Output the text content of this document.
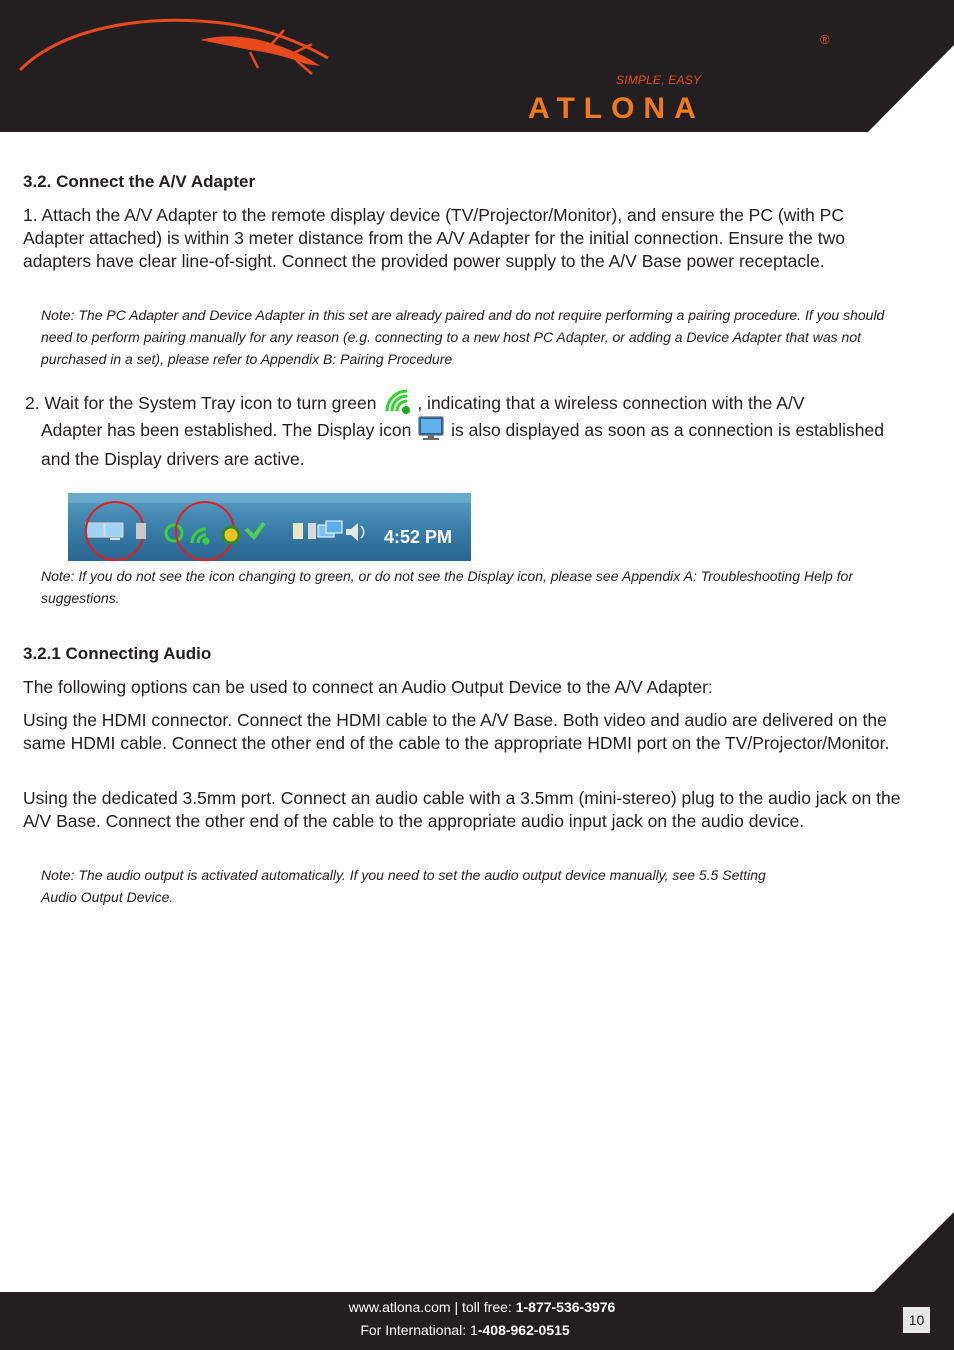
SIMPLE, EASY
®
ATLONA
3.2. Connect the A/V Adapter

1. Attach the A/V Adapter to the remote display device (TV/Projector/Monitor), and ensure the PC (with PC Adapter attached) is within 3 meter distance from the A/V Adapter for the initial connection. Ensure the two adapters have clear line-of-sight. Connect the provided power supply to the A/V Base power receptacle.

Note: The PC Adapter and Device Adapter in this set are already paired and do not require performing a pairing procedure. If you should need to perform pairing manually for any reason (e.g. connecting to a new host PC Adapter, or adding a Device Adapter that was not purchased in a set), please refer to Appendix B: Pairing Procedure

2. Wait for the System Tray icon to turn green , indicating that a wireless connection with the A/V

Adapter has been established. The Display icon is also displayed as soon as a connection is established and the Display drivers are active.

4:52 PM

Note: If you do not see the icon changing to green, or do not see the Display icon, please see Appendix A: Troubleshooting Help for suggestions.

3.2.1 Connecting Audio

The following options can be used to connect an Audio Output Device to the A/V Adapter:

Using the HDMI connector. Connect the HDMI cable to the A/V Base. Both video and audio are delivered on the same HDMI cable. Connect the other end of the cable to the appropriate HDMI port on the TV/Projector/Monitor.

Using the dedicated 3.5mm port. Connect an audio cable with a 3.5mm (mini-stereo) plug to the audio jack on the A/V Base. Connect the other end of the cable to the appropriate audio input jack on the audio device.

Note: The audio output is activated automatically. If you need to set the audio output device manually, see 5.5 Setting Audio Output Device.

www.atlona.com | toll free: 1-877-536-3976
For International: 1-408-962-0515
10
